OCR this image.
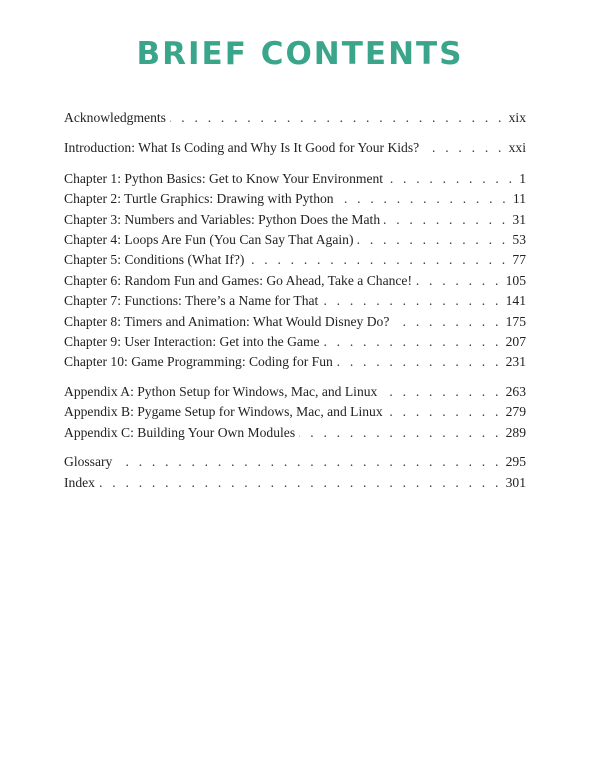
BRIEF CONTENTS
Acknowledgments . . .	xix
Introduction: What Is Coding and Why Is It Good for Your Kids? . . .	xxi
Chapter 1: Python Basics: Get to Know Your Environment . . .	1
Chapter 2: Turtle Graphics: Drawing with Python . . .	11
Chapter 3: Numbers and Variables: Python Does the Math . . .	31
Chapter 4: Loops Are Fun (You Can Say That Again) . . .	53
Chapter 5: Conditions (What If?) . . .	77
Chapter 6: Random Fun and Games: Go Ahead, Take a Chance! . . .	105
Chapter 7: Functions: There’s a Name for That . . .	141
Chapter 8: Timers and Animation: What Would Disney Do? . . .	175
Chapter 9: User Interaction: Get into the Game . . .	207
Chapter 10: Game Programming: Coding for Fun . . .	231
Appendix A: Python Setup for Windows, Mac, and Linux . . .	263
Appendix B: Pygame Setup for Windows, Mac, and Linux . . .	279
Appendix C: Building Your Own Modules . . .	289
Glossary . . .	295
Index . . .	301
